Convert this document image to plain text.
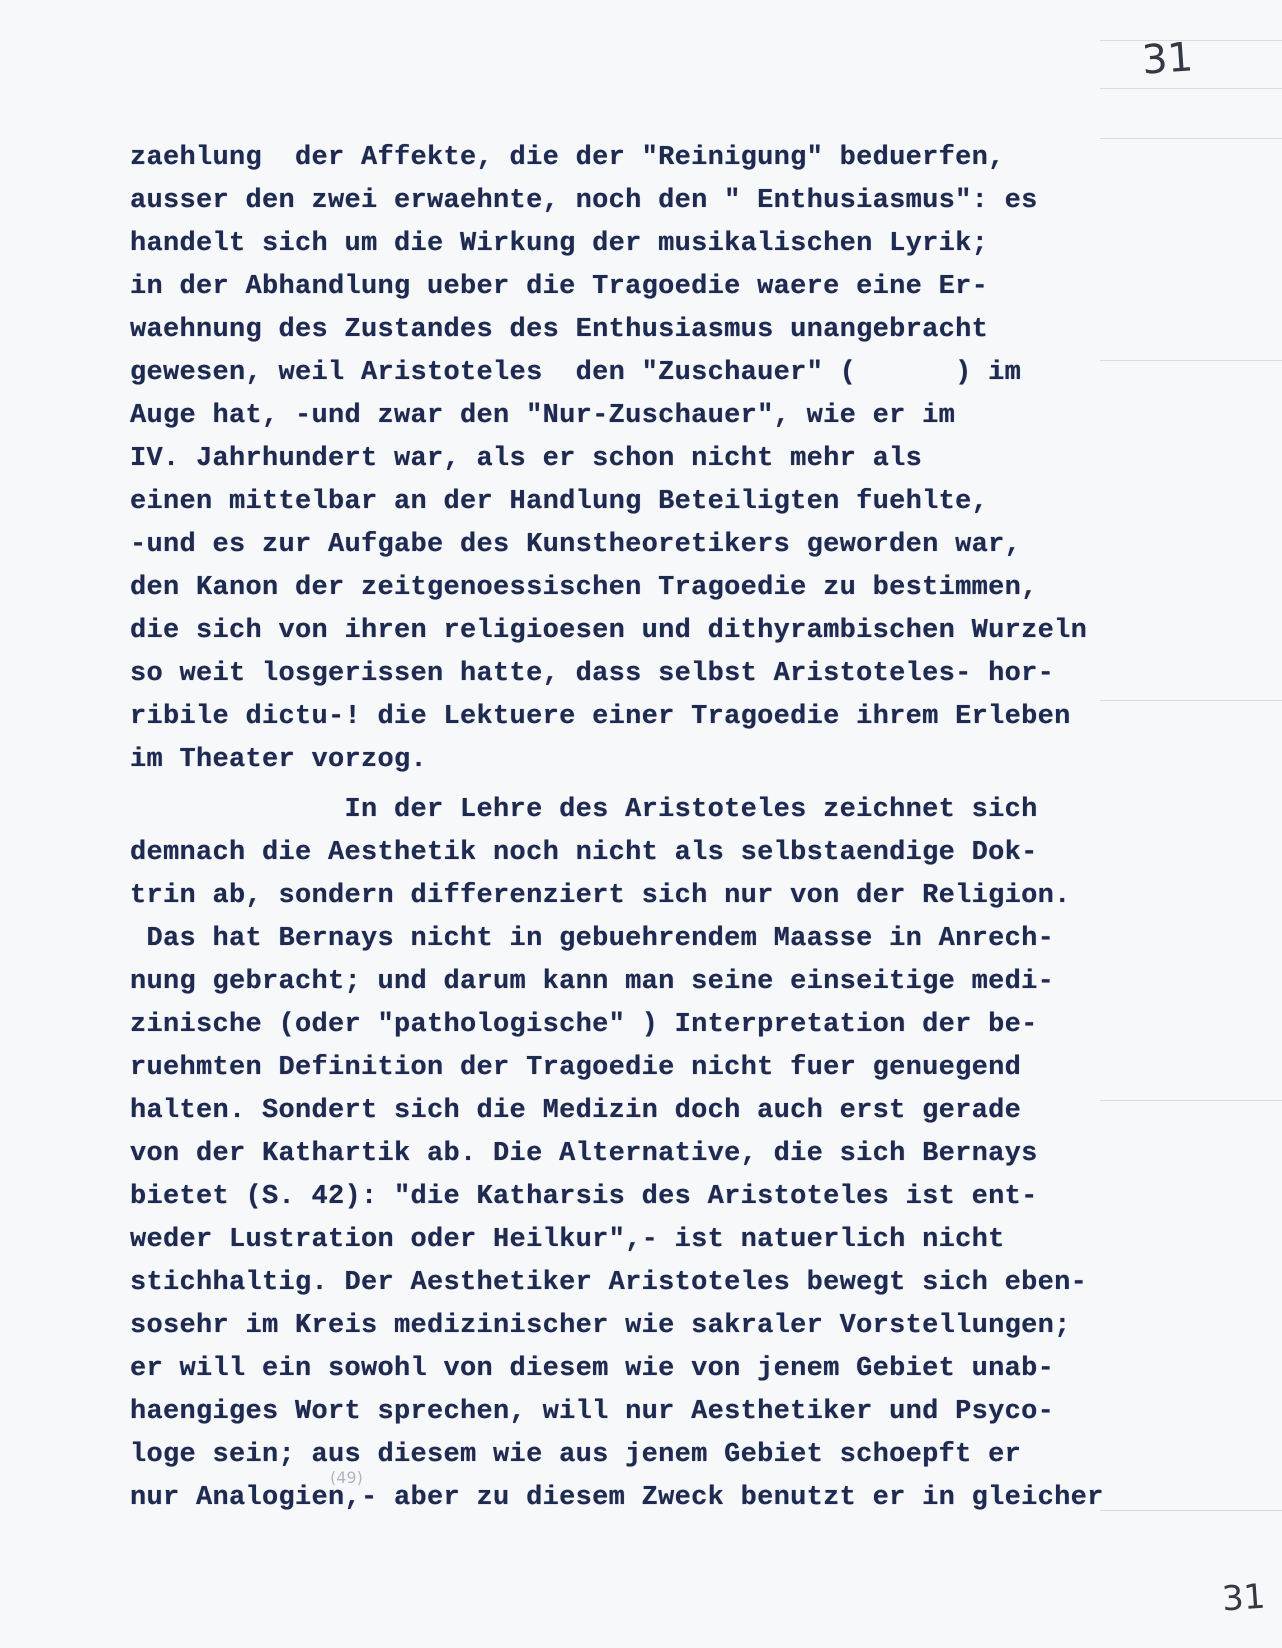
31
zaehlung  der Affekte, die der "Reinigung" beduerfen,
ausser den zwei erwaehnte, noch den " Enthusiasmus": es
handelt sich um die Wirkung der musikalischen Lyrik;
in der Abhandlung ueber die Tragoedie waere eine Er-
waehnung des Zustandes des Enthusiasmus unangebracht
gewesen, weil Aristoteles  den "Zuschauer" (      ) im
Auge hat, -und zwar den "Nur-Zuschauer", wie er im
IV. Jahrhundert war, als er schon nicht mehr als
einen mittelbar an der Handlung Beteiligten fuehlte,
-und es zur Aufgabe des Kunstheoretikers geworden war,
den Kanon der zeitgenoessischen Tragoedie zu bestimmen,
die sich von ihren religioesen und dithyrambischen Wurzeln
so weit losgerissen hatte, dass selbst Aristoteles- hor-
ribile dictu-! die Lektuere einer Tragoedie ihrem Erleben
im Theater vorzog.
In der Lehre des Aristoteles zeichnet sich
demnach die Aesthetik noch nicht als selbstaendige Dok-
trin ab, sondern differenziert sich nur von der Religion.
Das hat Bernays nicht in gebuehrendem Maasse in Anrech-
nung gebracht; und darum kann man seine einseitige medi-
zinische (oder "pathologische" ) Interpretation der be-
ruehmten Definition der Tragoedie nicht fuer genuegend
halten. Sondert sich die Medizin doch auch erst gerade
von der Kathartik ab. Die Alternative, die sich Bernays
bietet (S. 42): "die Katharsis des Aristoteles ist ent-
weder Lustration oder Heilkur",- ist natuerlich nicht
stichhaltig. Der Aesthetiker Aristoteles bewegt sich eben-
sosehr im Kreis medizinischer wie sakraler Vorstellungen;
er will ein sowohl von diesem wie von jenem Gebiet unab-
haengiges Wort sprechen, will nur Aesthetiker und Psyco-
loge sein; aus diesem wie aus jenem Gebiet schoepft er
nur Analogien,- aber zu diesem Zweck benutzt er in gleicher
(49)
31
